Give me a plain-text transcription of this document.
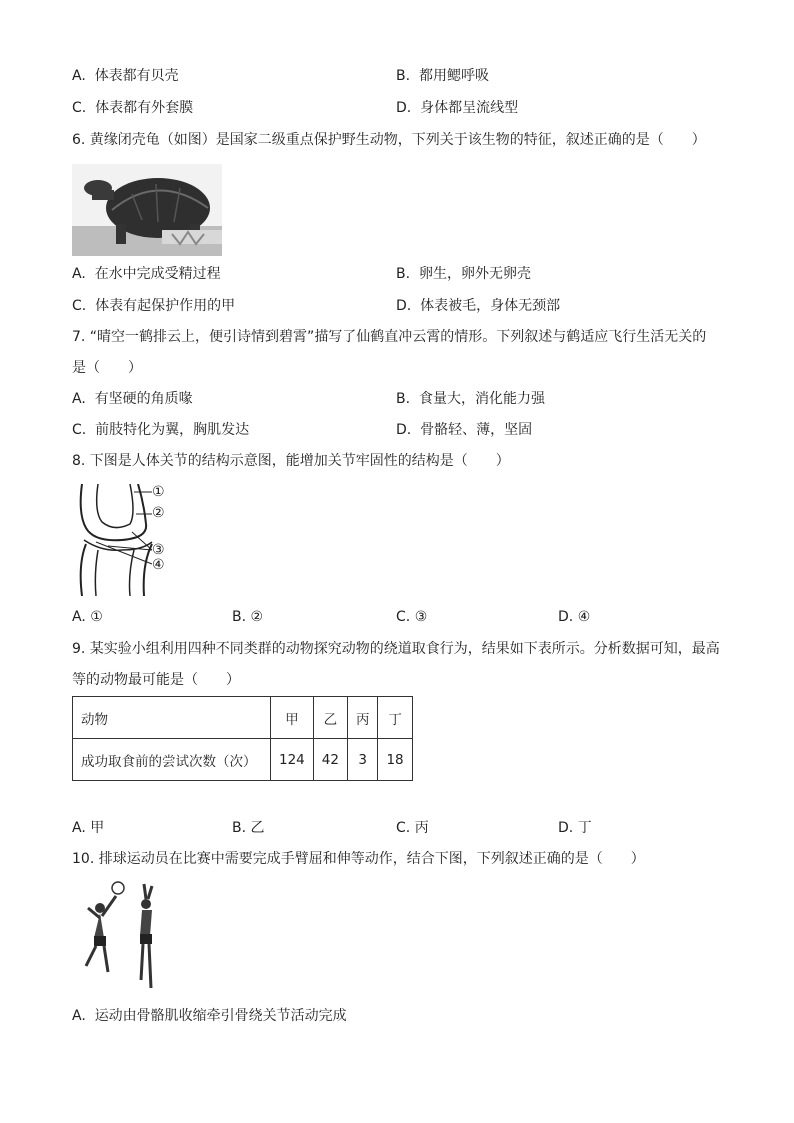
A. 体表都有贝壳	B. 都用鳃呼吸
C. 体表都有外套膜	D. 身体都呈流线型
6. 黄缘闭壳龟（如图）是国家二级重点保护野生动物，下列关于该生物的特征，叙述正确的是（　　）
A. 在水中完成受精过程	B. 卵生，卵外无卵壳
C. 体表有起保护作用的甲	D. 体表被毛，身体无颈部
7. “晴空一鹤排云上，便引诗情到碧霄”描写了仙鹤直冲云霄的情形。下列叙述与鹤适应飞行生活无关的
是（　　）
A. 有坚硬的角质喙	B. 食量大，消化能力强
C. 前肢特化为翼，胸肌发达	D. 骨骼轻、薄，坚固
8. 下图是人体关节的结构示意图，能增加关节牢固性的结构是（　　）
①
②
③
④
A. ①	B. ②	C. ③	D. ④
9. 某实验小组利用四种不同类群的动物探究动物的绕道取食行为，结果如下表所示。分析数据可知，最高
等的动物最可能是（　　）
动物	甲	乙	丙	丁
成功取食前的尝试次数（次）	124	42	3	18
A. 甲	B. 乙	C. 丙	D. 丁
10. 排球运动员在比赛中需要完成手臂屈和伸等动作，结合下图，下列叙述正确的是（　　）
A. 运动由骨骼肌收缩牵引骨绕关节活动完成
